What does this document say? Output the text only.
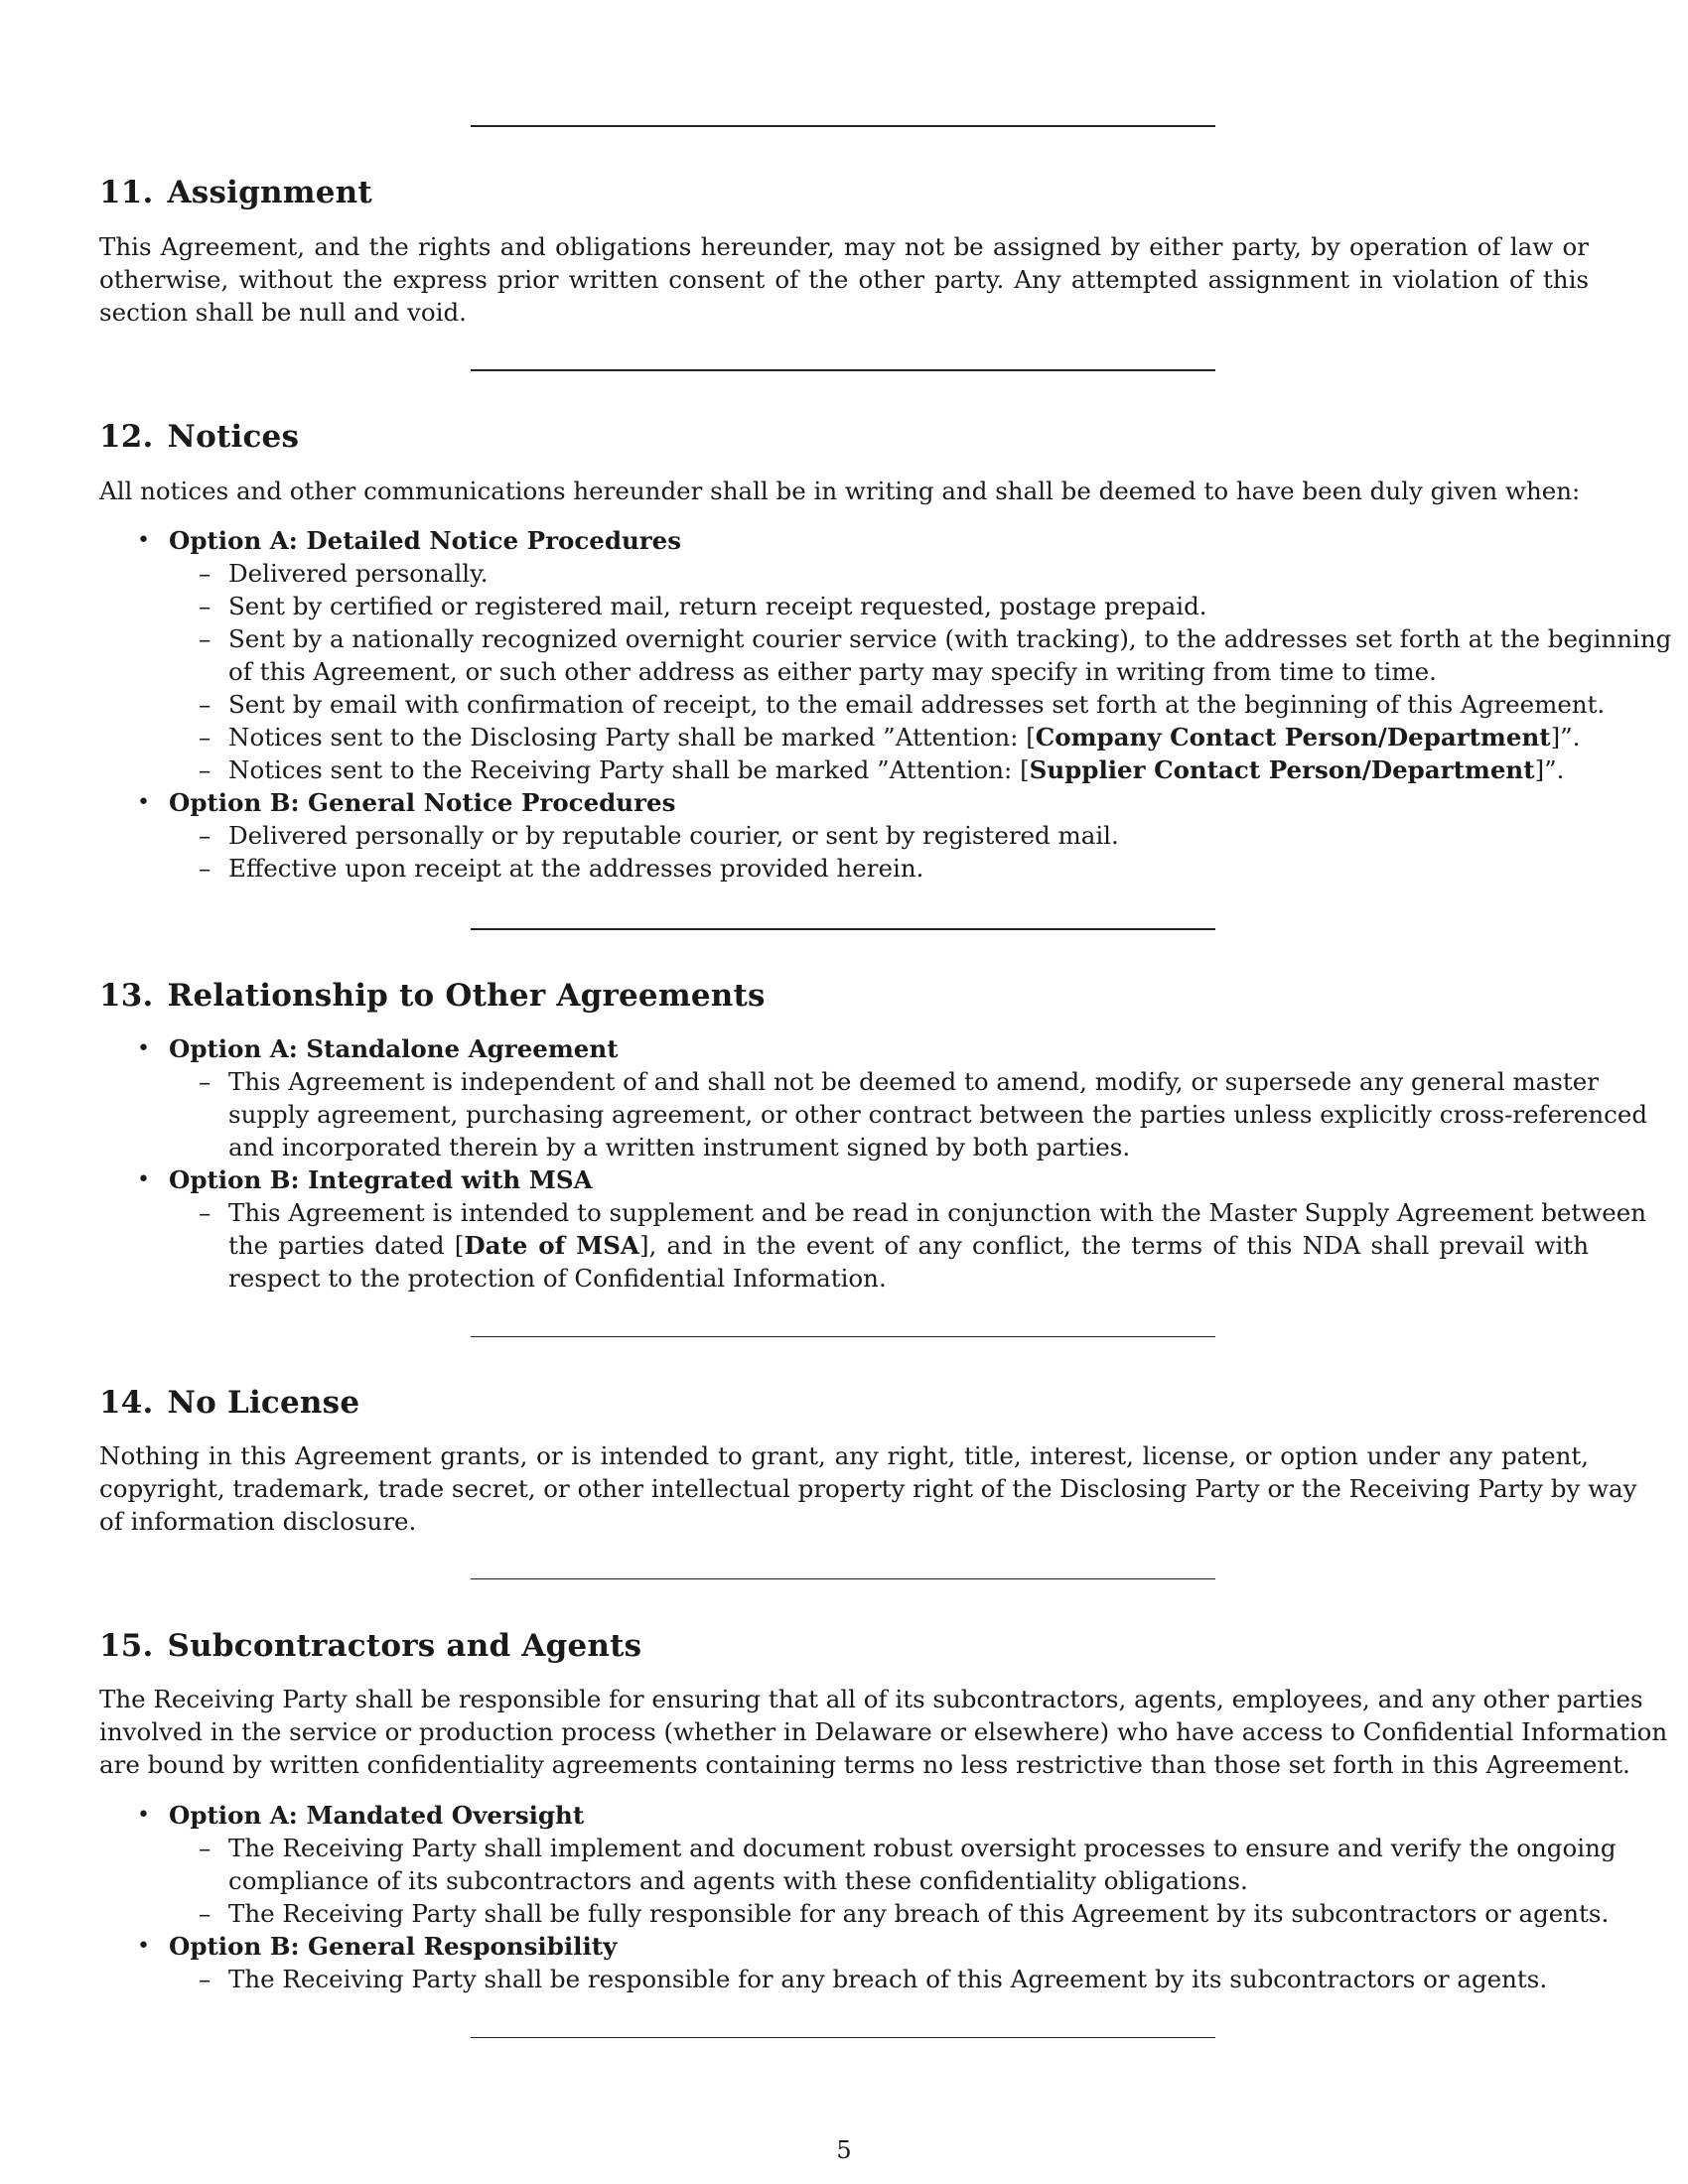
11. Assignment
This Agreement, and the rights and obligations hereunder, may not be assigned by either party, by operation of law or
otherwise, without the express prior written consent of the other party. Any attempted assignment in violation of this
section shall be null and void.
12. Notices
All notices and other communications hereunder shall be in writing and shall be deemed to have been duly given when:
• Option A: Detailed Notice Procedures
– Delivered personally.
– Sent by certified or registered mail, return receipt requested, postage prepaid.
– Sent by a nationally recognized overnight courier service (with tracking), to the addresses set forth at the beginning
of this Agreement, or such other address as either party may specify in writing from time to time.
– Sent by email with confirmation of receipt, to the email addresses set forth at the beginning of this Agreement.
– Notices sent to the Disclosing Party shall be marked ”Attention: [Company Contact Person/Department]”.
– Notices sent to the Receiving Party shall be marked ”Attention: [Supplier Contact Person/Department]”.
• Option B: General Notice Procedures
– Delivered personally or by reputable courier, or sent by registered mail.
– Effective upon receipt at the addresses provided herein.
13. Relationship to Other Agreements
• Option A: Standalone Agreement
– This Agreement is independent of and shall not be deemed to amend, modify, or supersede any general master
supply agreement, purchasing agreement, or other contract between the parties unless explicitly cross-referenced
and incorporated therein by a written instrument signed by both parties.
• Option B: Integrated with MSA
– This Agreement is intended to supplement and be read in conjunction with the Master Supply Agreement between
the parties dated [Date of MSA], and in the event of any conflict, the terms of this NDA shall prevail with
respect to the protection of Confidential Information.
14. No License
Nothing in this Agreement grants, or is intended to grant, any right, title, interest, license, or option under any patent,
copyright, trademark, trade secret, or other intellectual property right of the Disclosing Party or the Receiving Party by way
of information disclosure.
15. Subcontractors and Agents
The Receiving Party shall be responsible for ensuring that all of its subcontractors, agents, employees, and any other parties
involved in the service or production process (whether in Delaware or elsewhere) who have access to Confidential Information
are bound by written confidentiality agreements containing terms no less restrictive than those set forth in this Agreement.
• Option A: Mandated Oversight
– The Receiving Party shall implement and document robust oversight processes to ensure and verify the ongoing
compliance of its subcontractors and agents with these confidentiality obligations.
– The Receiving Party shall be fully responsible for any breach of this Agreement by its subcontractors or agents.
• Option B: General Responsibility
– The Receiving Party shall be responsible for any breach of this Agreement by its subcontractors or agents.
5
